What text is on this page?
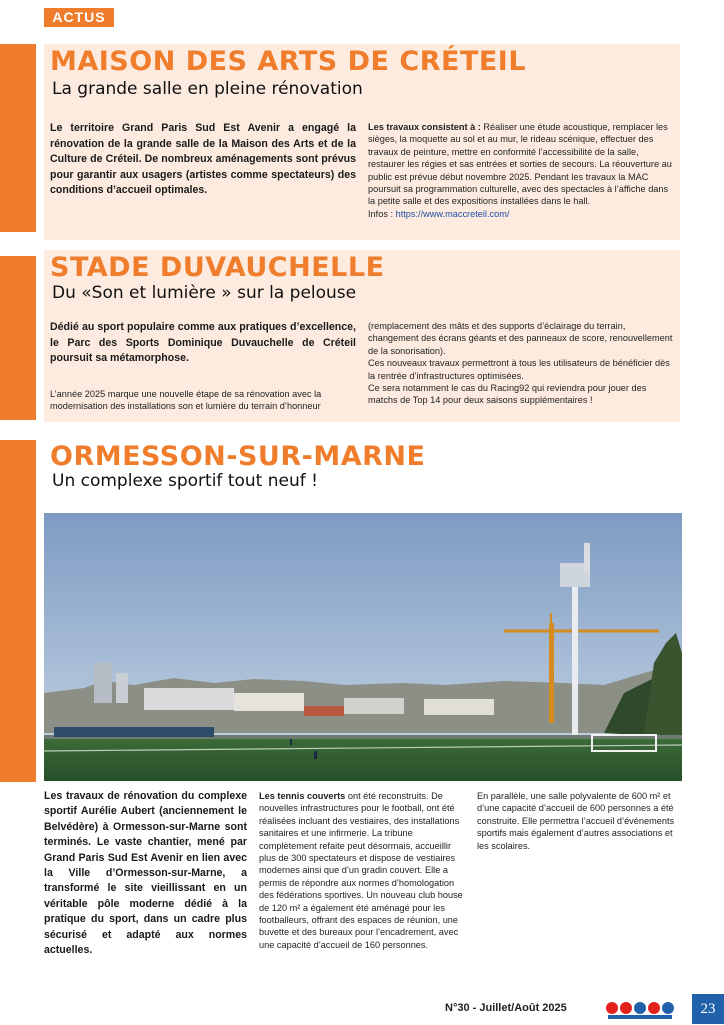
ACTUS
MAISON DES ARTS DE CRÉTEIL
La grande salle en pleine rénovation
Le territoire Grand Paris Sud Est Avenir a engagé la rénovation de la grande salle de la Maison des Arts et de la Culture de Créteil. De nombreux aménagements sont prévus pour garantir aux usagers (artistes comme spectateurs) des conditions d’accueil optimales.
Les travaux consistent à : Réaliser une étude acoustique, remplacer les sièges, la moquette au sol et au mur, le rideau scénique, effectuer des travaux de peinture, mettre en conformité l’accessibilité de la salle, restaurer les régies et sas entrées et sorties de secours. La réouverture au public est prévue début novembre 2025. Pendant les travaux la MAC poursuit sa programmation culturelle, avec des spectacles à l’affiche dans la petite salle et des expositions installées dans le hall.
Infos : https://www.maccreteil.com/
STADE DUVAUCHELLE
Du «Son et lumière » sur la pelouse
Dédié au sport populaire comme aux pratiques d’excellence, le Parc des Sports Dominique Duvauchelle de Créteil poursuit sa métamorphose.
L’année 2025 marque une nouvelle étape de sa rénovation avec la modernisation des installations son et lumière du terrain d’honneur
(remplacement des mâts et des supports d’éclairage du terrain, changement des écrans géants et des panneaux de score, renouvellement de la sonorisation).
Ces nouveaux travaux permettront à tous les utilisateurs de bénéficier dès la rentrée d’infrastructures optimisées.
Ce sera notamment le cas du Racing92 qui reviendra pour jouer des matchs de Top 14 pour deux saisons supplémentaires !
ORMESSON-SUR-MARNE
Un complexe sportif tout neuf !
Les travaux de rénovation du complexe sportif Aurélie Aubert (anciennement le Belvédère) à Ormesson-sur-Marne sont terminés. Le vaste chantier, mené par Grand Paris Sud Est Avenir en lien avec la Ville d’Ormesson-sur-Marne, a transformé le site vieillissant en un véritable pôle moderne dédié à la pratique du sport, dans un cadre plus sécurisé et adapté aux normes actuelles.
Les tennis couverts ont été reconstruits. De nouvelles infrastructures pour le football, ont été réalisées incluant des vestiaires, des installations sanitaires et une infirmerie. La tribune complètement refaite peut désormais, accueillir plus de 300 spectateurs et dispose de vestiaires modernes ainsi que d’un gradin couvert. Elle a permis de répondre aux normes d’homologation des fédérations sportives. Un nouveau club house de 120 m² a également été aménagé pour les footballeurs, offrant des espaces de réunion, une buvette et des bureaux pour l’encadrement, avec une capacité d’accueil de 160 personnes.
En parallèle, une salle polyvalente de 600 m² et d’une capacité d’accueil de 600 personnes a été construite. Elle permettra l’accueil d’événements sportifs mais également d’autres associations et les scolaires.
N°30 - Juillet/Août 2025	23
